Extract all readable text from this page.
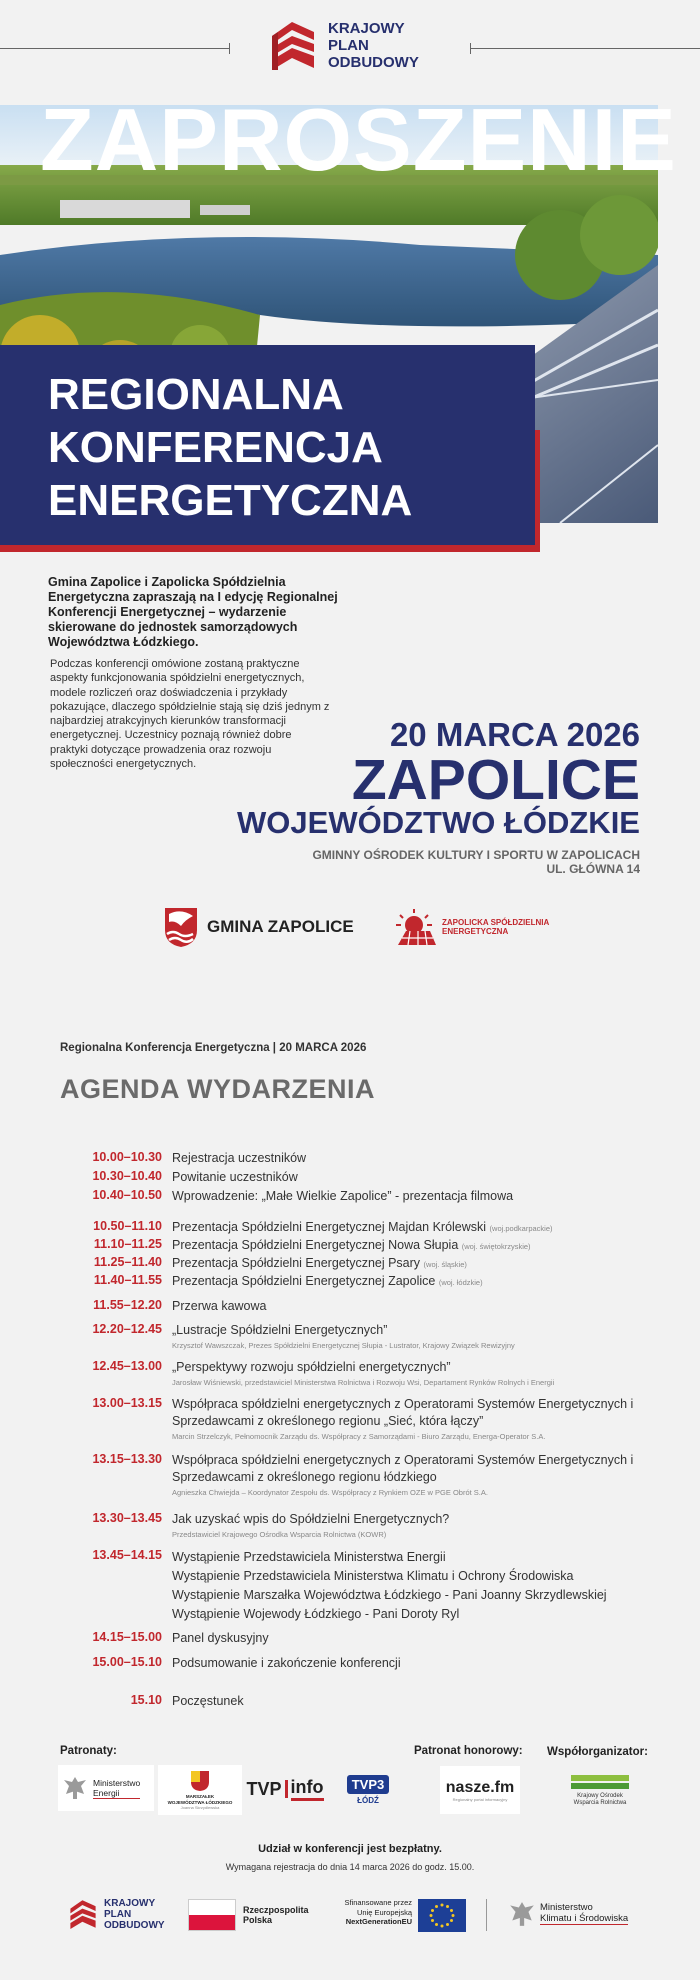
KRAJOWY
PLAN
ODBUDOWY
ZAPROSZENIE
REGIONALNA
KONFERENCJA
ENERGETYCZNA
Gmina Zapolice i Zapolicka Spółdzielnia Energetyczna zapraszają na I edycję Regionalnej Konferencji Energetycznej – wydarzenie skierowane do jednostek samorządowych Województwa Łódzkiego.
Podczas konferencji omówione zostaną praktyczne aspekty funkcjonowania spółdzielni energetycznych, modele rozliczeń oraz doświadczenia i przykłady pokazujące, dlaczego spółdzielnie stają się dziś jednym z najbardziej atrakcyjnych kierunków transformacji energetycznej. Uczestnicy poznają również dobre praktyki dotyczące prowadzenia oraz rozwoju społeczności energetycznych.
20 MARCA 2026
ZAPOLICE
WOJEWÓDZTWO ŁÓDZKIE
GMINNY OŚRODEK KULTURY I SPORTU W ZAPOLICACH
UL. GŁÓWNA 14
GMINA ZAPOLICE	ZAPOLICKA SPÓŁDZIELNIA
ENERGETYCZNA
Regionalna Konferencja Energetyczna | 20 MARCA 2026
AGENDA WYDARZENIA
10.00–10.30 Rejestracja uczestników
10.30–10.40 Powitanie uczestników
10.40–10.50 Wprowadzenie: „Małe Wielkie Zapolice” - prezentacja filmowa
10.50–11.10 Prezentacja Spółdzielni Energetycznej Majdan Królewski (woj.podkarpackie)
11.10–11.25 Prezentacja Spółdzielni Energetycznej Nowa Słupia (woj. świętokrzyskie)
11.25–11.40 Prezentacja Spółdzielni Energetycznej Psary (woj. śląskie)
11.40–11.55 Prezentacja Spółdzielni Energetycznej Zapolice (woj. łódzkie)
11.55–12.20 Przerwa kawowa
12.20–12.45 „Lustracje Spółdzielni Energetycznych”
Krzysztof Wawszczak, Prezes Spółdzielni Energetycznej Słupia - Lustrator, Krajowy Związek Rewizyjny
12.45–13.00 „Perspektywy rozwoju spółdzielni energetycznych”
Jarosław Wiśniewski, przedstawiciel Ministerstwa Rolnictwa i Rozwoju Wsi, Departament Rynków Rolnych i Energii
13.00–13.15 Współpraca spółdzielni energetycznych z Operatorami Systemów Energetycznych i Sprzedawcami z określonego regionu „Sieć, która łączy”
Marcin Strzelczyk, Pełnomocnik Zarządu ds. Współpracy z Samorządami - Biuro Zarządu, Energa-Operator S.A.
13.15–13.30 Współpraca spółdzielni energetycznych z Operatorami Systemów Energetycznych i Sprzedawcami z określonego regionu łódzkiego
Agnieszka Chwiejda – Koordynator Zespołu ds. Współpracy z Rynkiem OZE w PGE Obrót S.A.
13.30–13.45 Jak uzyskać wpis do Spółdzielni Energetycznych?
Przedstawiciel Krajowego Ośrodka Wsparcia Rolnictwa (KOWR)
13.45–14.15 Wystąpienie Przedstawiciela Ministerstwa Energii
Wystąpienie Przedstawiciela Ministerstwa Klimatu i Ochrony Środowiska
Wystąpienie Marszałka Województwa Łódzkiego - Pani Joanny Skrzydlewskiej
Wystąpienie Wojewody Łódzkiego - Pani Doroty Ryl
14.15–15.00 Panel dyskusyjny
15.00–15.10 Podsumowanie i zakończenie konferencji
15.10 Poczęstunek
Patronaty:	Patronat honorowy: Współorganizator:
Ministerstwo
Energii	MARSZAŁEK
WOJEWÓDZTWA ŁÓDZKIEGO
Joanna Skrzydlewska
TVP info	TVP3
ŁÓDŹ
nasze.fm
Regionalny portal informacyjny	Krajowy Ośrodek
Wsparcia Rolnictwa
Udział w konferencji jest bezpłatny.
Wymagana rejestracja do dnia 14 marca 2026 do godz. 15.00.
KRAJOWY
PLAN
ODBUDOWY
Rzeczpospolita
Polska
Sfinansowane przez
Unię Europejską
NextGenerationEU
Ministerstwo
Klimatu i Środowiska
